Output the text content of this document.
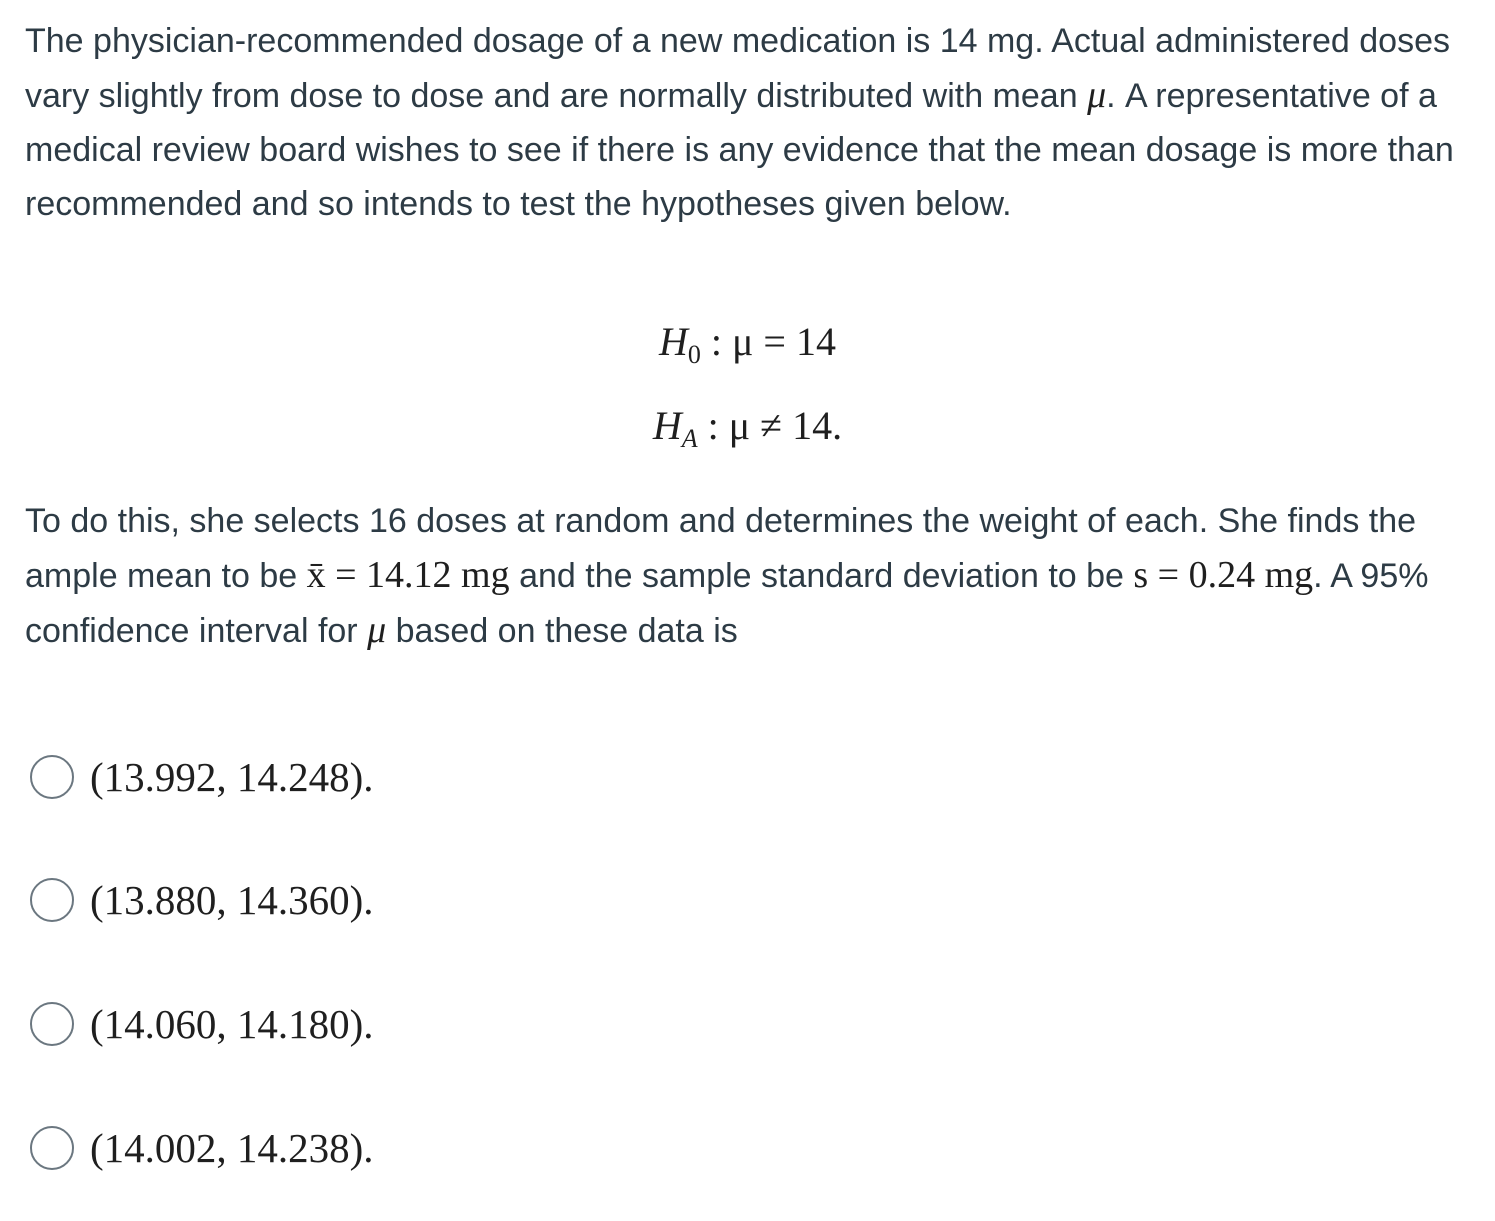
The physician-recommended dosage of a new medication is 14 mg. Actual administered doses vary slightly from dose to dose and are normally distributed with mean μ. A representative of a medical review board wishes to see if there is any evidence that the mean dosage is more than recommended and so intends to test the hypotheses given below.

$H_0$ : μ = 14
$H_A$ : μ ≠ 14.

To do this, she selects 16 doses at random and determines the weight of each. She finds the ample mean to be x̄ = 14.12 mg and the sample standard deviation to be s = 0.24 mg. A 95% confidence interval for μ based on these data is

(13.992, 14.248).
(13.880, 14.360).
(14.060, 14.180).
(14.002, 14.238).
